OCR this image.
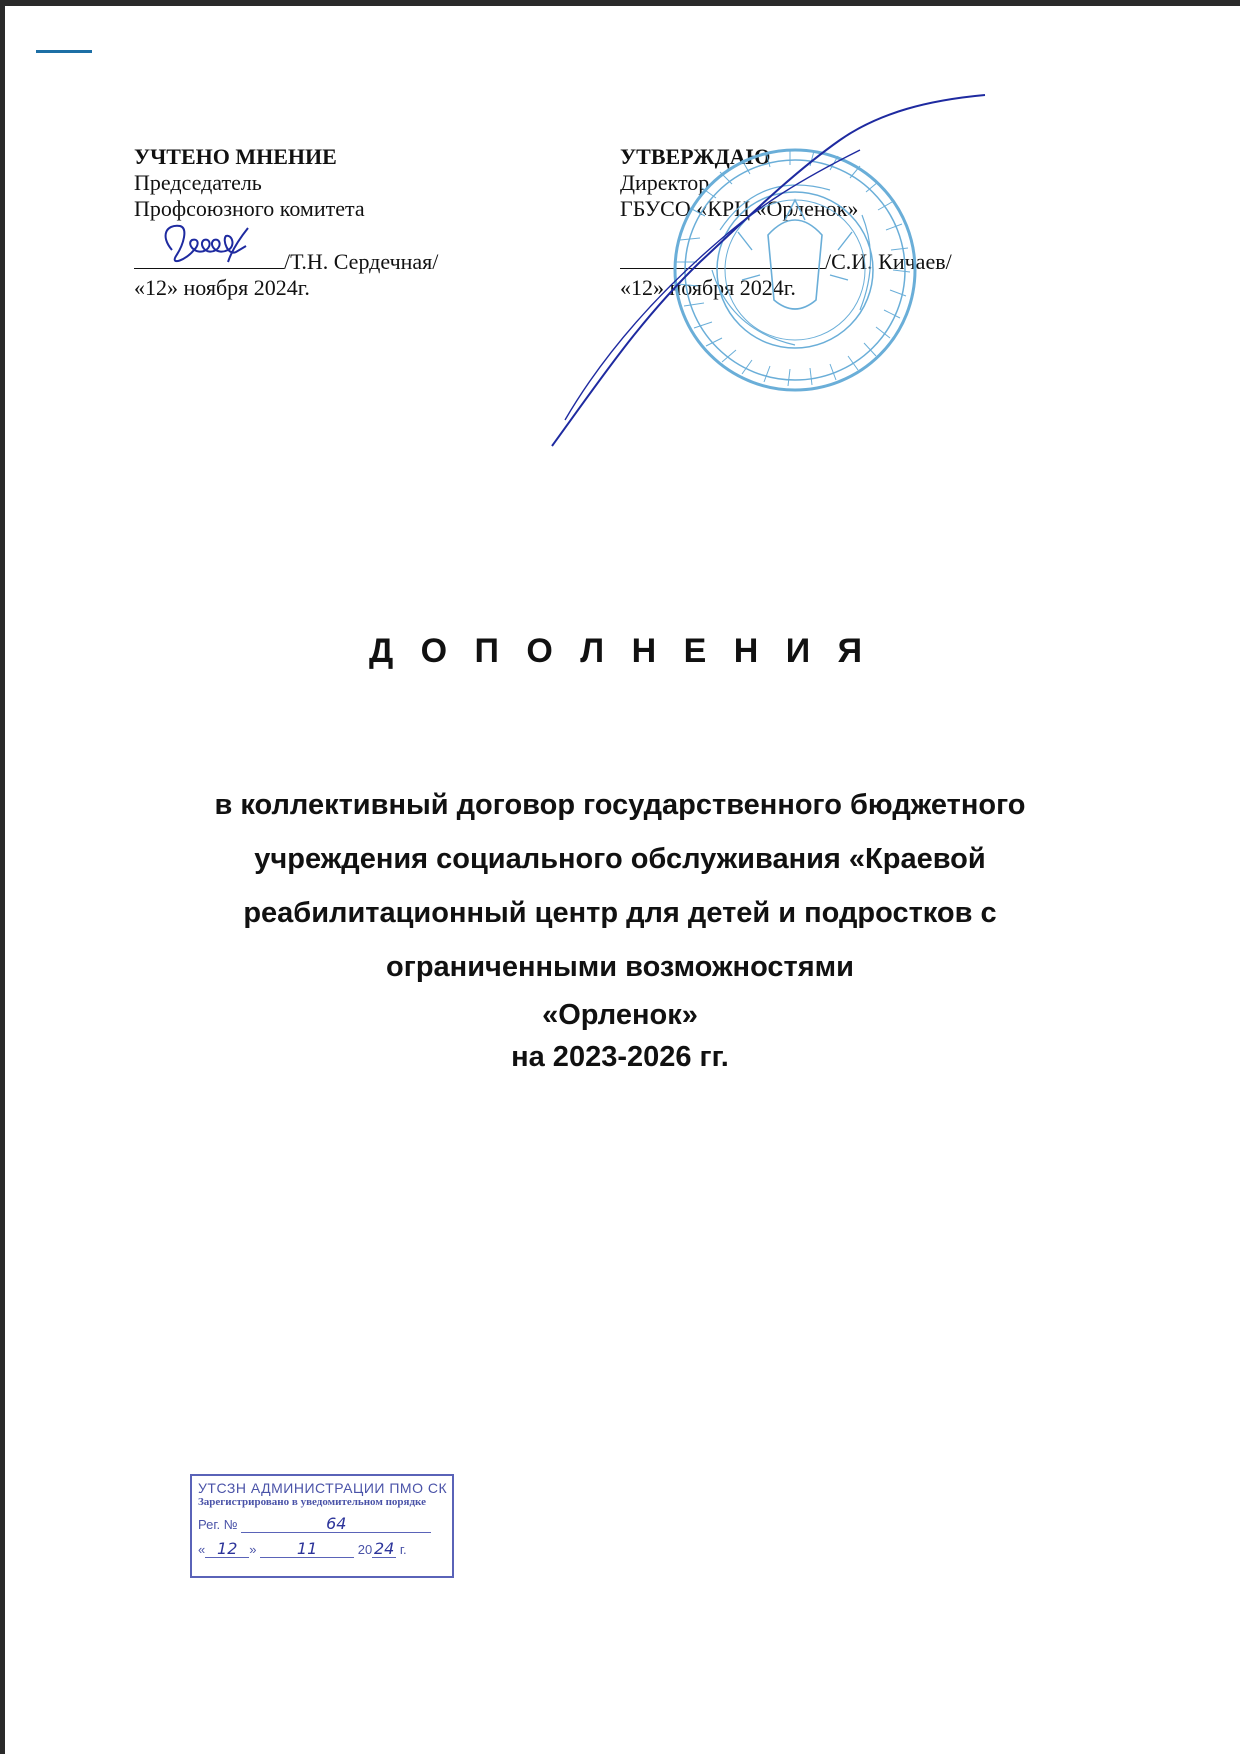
УЧТЕНО МНЕНИЕ
Председатель
Профсоюзного комитета
/Т.Н. Сердечная/
«12» ноября 2024г.
УТВЕРЖДАЮ
Директор
ГБУСО «КРЦ «Орленок»
/С.И. Кичаев/
«12» ноября 2024г.
Д О П О Л Н Е Н И Я
в коллективный договор государственного бюджетного
учреждения социального обслуживания «Краевой
реабилитационный центр для детей и подростков с
ограниченными возможностями
«Орленок»
на 2023-2026 гг.
УТСЗН АДМИНИСТРАЦИИ ПМО СК
Зарегистрировано в уведомительном порядке
Рег. №	64
« 12 »	11	20 24 г.
